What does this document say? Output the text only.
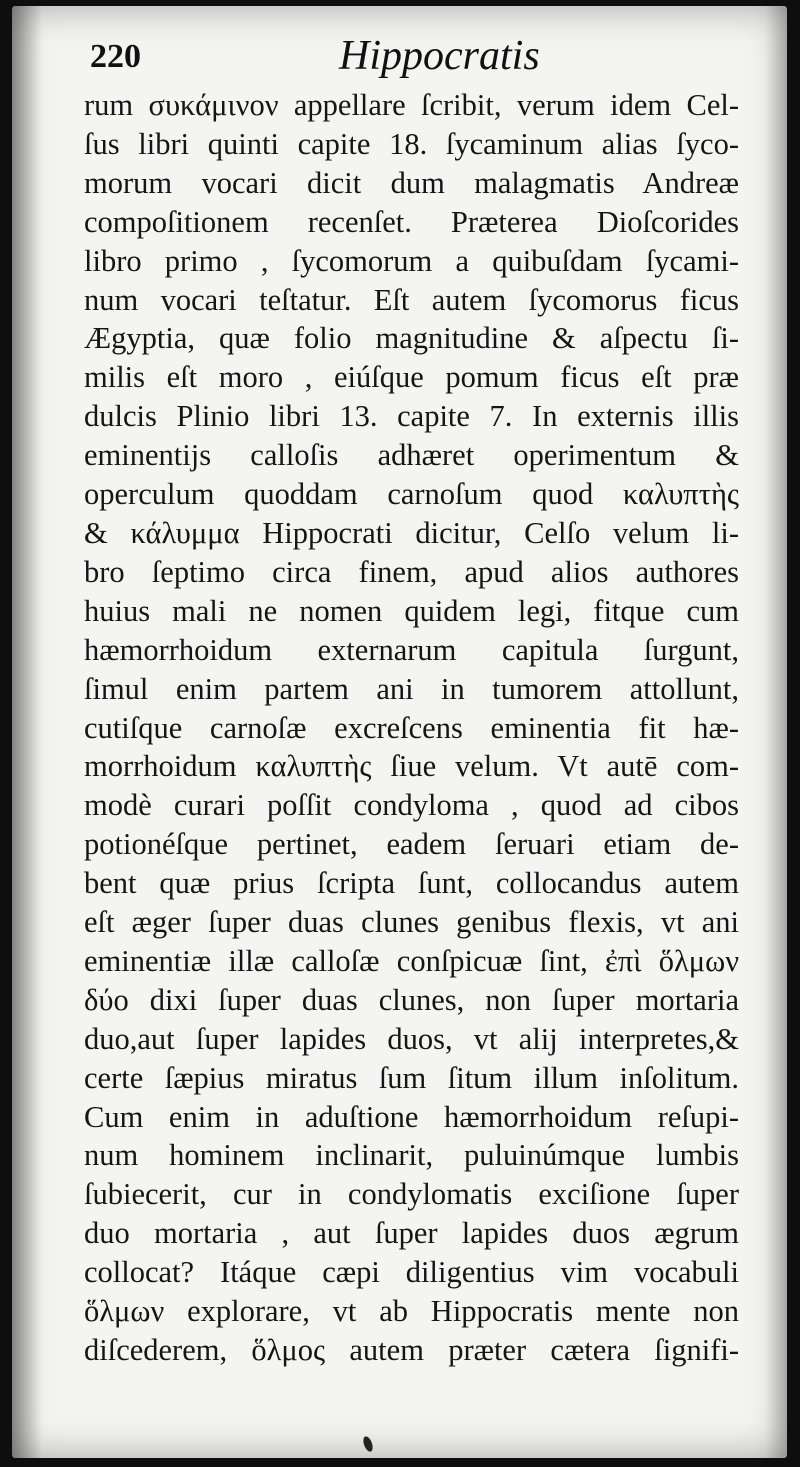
220	Hippocratis
rum συκάμινον appellare ſcribit, verum idem Cel-
ſus libri quinti capite 18. ſycaminum alias ſyco-
morum vocari dicit dum malagmatis Andreæ
compoſitionem recenſet. Præterea Dioſcorides
libro primo , ſycomorum a quibuſdam ſycami-
num vocari teſtatur. Eſt autem ſycomorus ficus
Ægyptia, quæ folio magnitudine & aſpectu ſi-
milis eſt moro , eiúſque pomum ficus eſt præ
dulcis Plinio libri 13. capite 7. In externis illis
eminentijs calloſis adhæret operimentum &
operculum quoddam carnoſum quod καλυπτὴς
& κάλυμμα Hippocrati dicitur, Celſo velum li-
bro ſeptimo circa finem, apud alios authores
huius mali ne nomen quidem legi, fitque cum
hæmorrhoidum externarum capitula ſurgunt,
ſimul enim partem ani in tumorem attollunt,
cutiſque carnoſæ excreſcens eminentia fit hæ-
morrhoidum καλυπτὴς ſiue velum. Vt autē com-
modè curari poſſit condyloma , quod ad cibos
potionéſque pertinet, eadem ſeruari etiam de-
bent quæ prius ſcripta ſunt, collocandus autem
eſt æger ſuper duas clunes genibus flexis, vt ani
eminentiæ illæ calloſæ conſpicuæ ſint, ἐπὶ ὅλμων
δύο dixi ſuper duas clunes, non ſuper mortaria
duo,aut ſuper lapides duos, vt alij interpretes,&
certe ſæpius miratus ſum ſitum illum inſolitum.
Cum enim in aduſtione hæmorrhoidum reſupi-
num hominem inclinarit, puluinúmque lumbis
ſubiecerit, cur in condylomatis exciſione ſuper
duo mortaria , aut ſuper lapides duos ægrum
collocat? Itáque cæpi diligentius vim vocabuli
ὅλμων explorare, vt ab Hippocratis mente non
diſcederem, ὅλμος autem præter cætera ſignifi-
